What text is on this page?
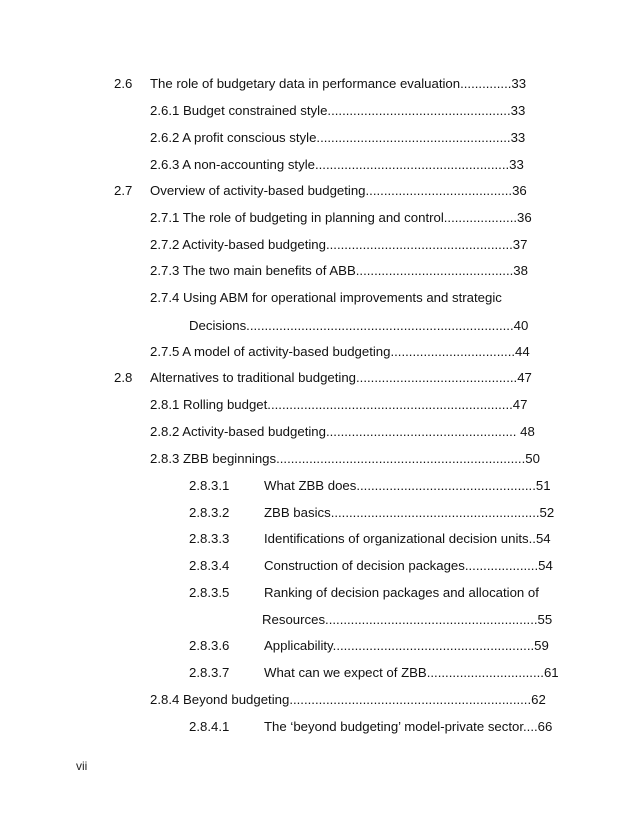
2.6 The role of budgetary data in performance evaluation..............33
2.6.1 Budget constrained style..................................................33
2.6.2 A profit conscious style.....................................................33
2.6.3 A non-accounting style.....................................................33
2.7 Overview of activity-based budgeting........................................36
2.7.1 The role of budgeting in planning and control....................36
2.7.2 Activity-based budgeting...................................................37
2.7.3 The two main benefits of ABB...........................................38
2.7.4 Using ABM for operational improvements and strategic
Decisions.........................................................................40
2.7.5 A model of activity-based budgeting..................................44
2.8 Alternatives to traditional budgeting............................................47
2.8.1 Rolling budget...................................................................47
2.8.2 Activity-based budgeting.................................................... 48
2.8.3 ZBB beginnings....................................................................50
2.8.3.1	What ZBB does.................................................51
2.8.3.2	ZBB basics.........................................................52
2.8.3.3	Identifications of organizational decision units..54
2.8.3.4	Construction of decision packages....................54
2.8.3.5	Ranking of decision packages and allocation of
Resources..........................................................55
2.8.3.6	Applicability.......................................................59
2.8.3.7	What can we expect of ZBB................................61
2.8.4 Beyond budgeting..................................................................62
2.8.4.1	The ‘beyond budgeting’ model-private sector....66
vii
